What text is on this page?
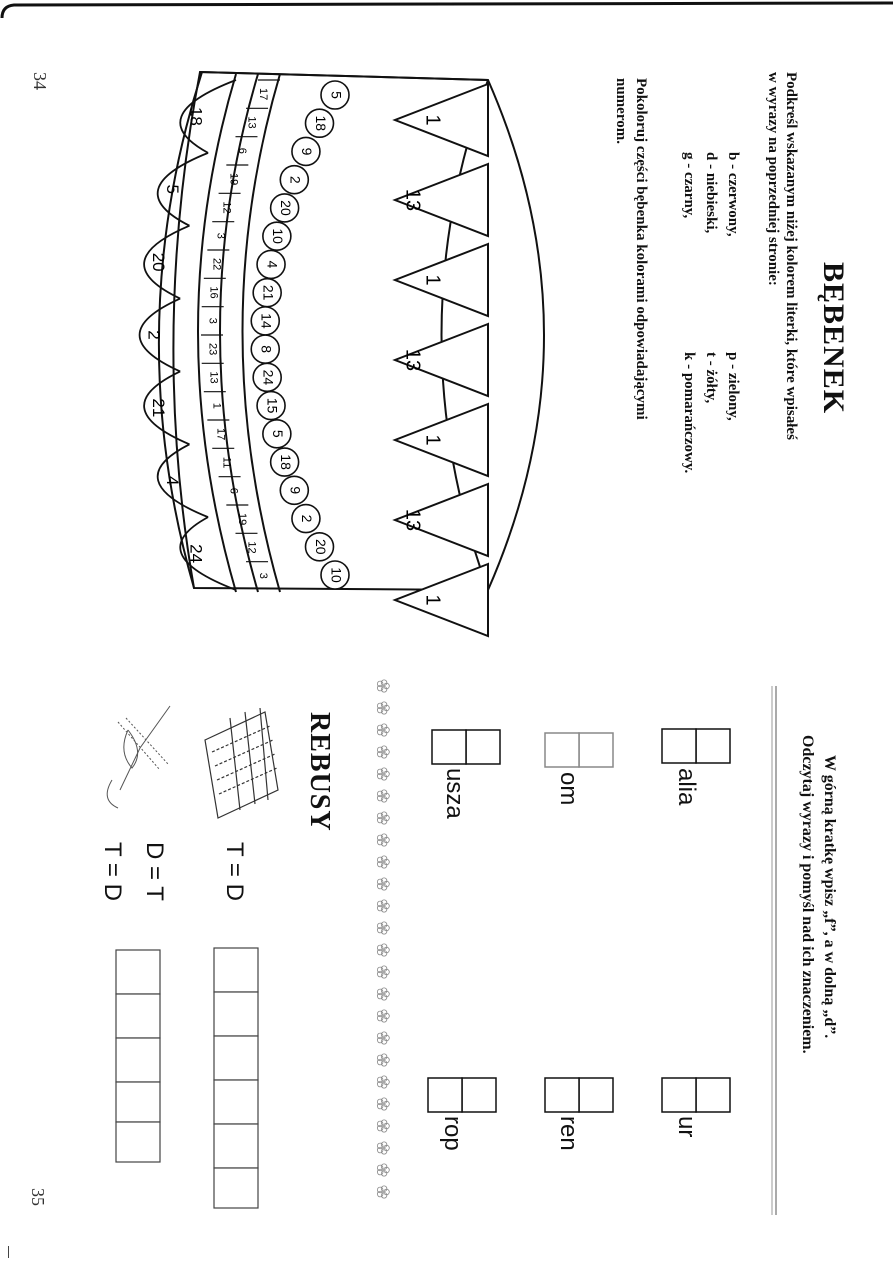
34
35
BĘBENEK
Podkreśl wskazanym niżej kolorem literki, które wpisałeś
w wyrazy na poprzedniej stronie:
b - czerwony,
d - niebieski,
g - czarny,
p - zielony,
t - żółty,
k - pomarańczowy.
Pokoloruj części bębenka kolorami odpowiadającymi
numerom.
1
13
1
13
1
13
1
5
18
9
2
20
10
4
21
14
8
24
15
5
18
9
2
20
10
17
13
6
19
12
3
22
16
3
23
13
1
17
11
6
19
12
3
18
5
20
2
21
4
24
W górną kratkę wpisz „f”, a w dolną „d”.
Odczytaj wyrazy i pomyśl nad ich znaczeniem.
alia
om
usza
ur
ren
rop
REBUSY
T = D
D = T
T = D
